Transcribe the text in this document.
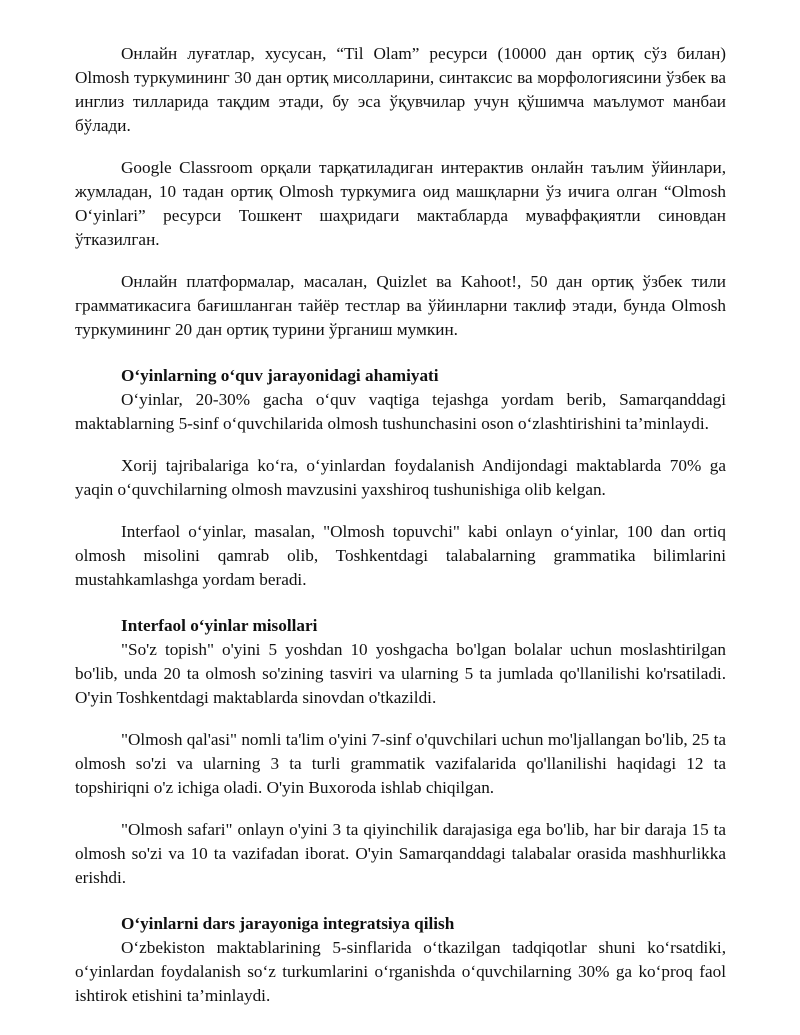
Онлайн луғатлар, хусусан, “Til Olam” ресурси (10000 дан ортиқ сўз билан) Olmosh туркумининг 30 дан ортиқ мисолларини, синтаксис ва морфологиясини ўзбек ва инглиз тилларида тақдим этади, бу эса ўқувчилар учун қўшимча маълумот манбаи бўлади.

Google Classroom орқали тарқатиладиган интерактив онлайн таълим ўйинлари, жумладан, 10 тадан ортиқ Olmosh туркумига оид машқларни ўз ичига олган “Olmosh O‘yinlari” ресурси Тошкент шаҳридаги мактабларда муваффақиятли синовдан ўтказилган.

Онлайн платформалар, масалан, Quizlet ва Kahoot!, 50 дан ортиқ ўзбек тили грамматикасига бағишланган тайёр тестлар ва ўйинларни таклиф этади, бунда Olmosh туркумининг 20 дан ортиқ турини ўрганиш мумкин.

O‘yinlarning o‘quv jarayonidagi ahamiyati

O‘yinlar, 20-30% gacha o‘quv vaqtiga tejashga yordam berib, Samarqanddagi maktablarning 5-sinf o‘quvchilarida olmosh tushunchasini oson o‘zlashtirishini ta’minlaydi.

Xorij tajribalariga ko‘ra, o‘yinlardan foydalanish Andijondagi maktablarda 70% ga yaqin o‘quvchilarning olmosh mavzusini yaxshiroq tushunishiga olib kelgan.

Interfaol o‘yinlar, masalan, "Olmosh topuvchi" kabi onlayn o‘yinlar, 100 dan ortiq olmosh misolini qamrab olib, Toshkentdagi talabalarning grammatika bilimlarini mustahkamlashga yordam beradi.

Interfaol o‘yinlar misollari

"So'z topish" o'yini 5 yoshdan 10 yoshgacha bo'lgan bolalar uchun moslashtirilgan bo'lib, unda 20 ta olmosh so'zining tasviri va ularning 5 ta jumlada qo'llanilishi ko'rsatiladi. O'yin Toshkentdagi maktablarda sinovdan o'tkazildi.

"Olmosh qal'asi" nomli ta'lim o'yini 7-sinf o'quvchilari uchun mo'ljallangan bo'lib, 25 ta olmosh so'zi va ularning 3 ta turli grammatik vazifalarida qo'llanilishi haqidagi 12 ta topshiriqni o'z ichiga oladi. O'yin Buxoroda ishlab chiqilgan.

"Olmosh safari" onlayn o'yini 3 ta qiyinchilik darajasiga ega bo'lib, har bir daraja 15 ta olmosh so'zi va 10 ta vazifadan iborat. O'yin Samarqanddagi talabalar orasida mashhurlikka erishdi.

O‘yinlarni dars jarayoniga integratsiya qilish

O‘zbekiston maktablarining 5-sinflarida o‘tkazilgan tadqiqotlar shuni ko‘rsatdiki, o‘yinlardan foydalanish so‘z turkumlarini o‘rganishda o‘quvchilarning 30% ga ko‘proq faol ishtirok etishini ta’minlaydi.
